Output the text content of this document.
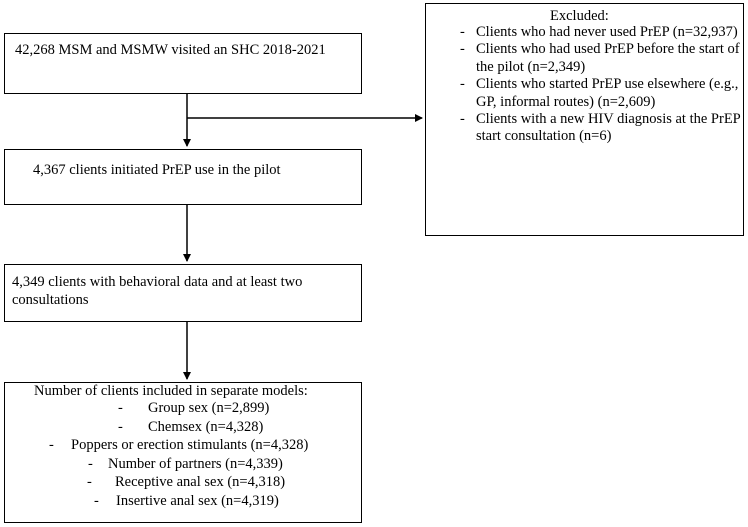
42,268 MSM and MSMW visited an SHC 2018-2021
4,367 clients initiated PrEP use in the pilot
4,349 clients with behavioral data and at least two
consultations
Number of clients included in separate models:
- Group sex (n=2,899)
- Chemsex (n=4,328)
- Poppers or erection stimulants (n=4,328)
- Number of partners (n=4,339)
- Receptive anal sex (n=4,318)
- Insertive anal sex (n=4,319)
Excluded:
- Clients who had never used PrEP (n=32,937)
- Clients who had used PrEP before the start of the pilot (n=2,349)
- Clients who started PrEP use elsewhere (e.g., GP, informal routes) (n=2,609)
- Clients with a new HIV diagnosis at the PrEP start consultation (n=6)
